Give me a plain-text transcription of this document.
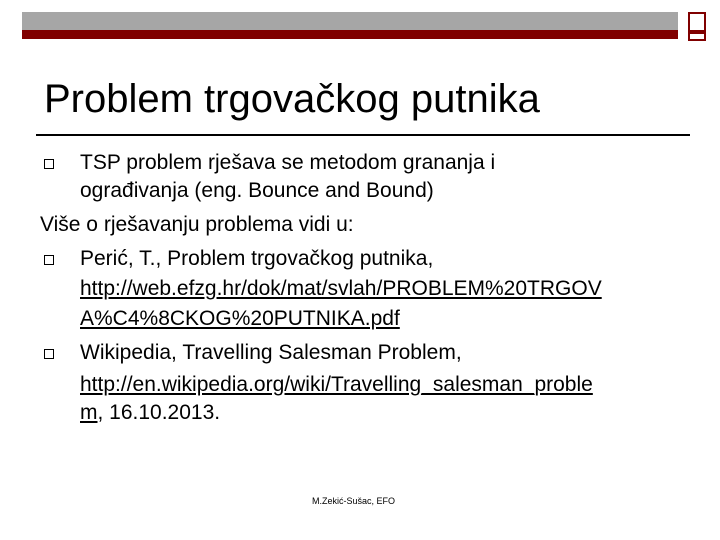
Problem trgovačkog putnika
TSP problem rješava se metodom grananja i
ograđivanja (eng. Bounce and Bound)
Više o rješavanju problema vidi u:
Perić, T., Problem trgovačkog putnika,
http://web.efzg.hr/dok/mat/svlah/PROBLEM%20TRGOV
A%C4%8CKOG%20PUTNIKA.pdf
Wikipedia, Travelling Salesman Problem,
http://en.wikipedia.org/wiki/Travelling_salesman_proble
m, 16.10.2013.
M.Zekić-Sušac, EFO
